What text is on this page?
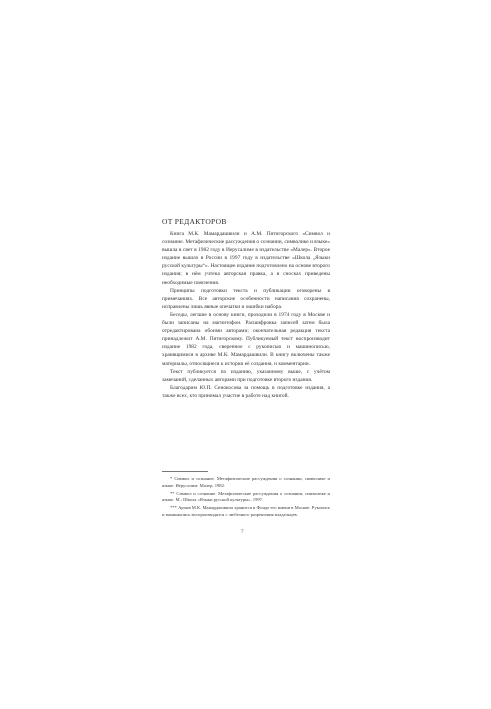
ОТ РЕДАКТОРОВ

Книга М.К. Мамардашвили и А.М. Пятигорского «Символ и сознание. Метафизические рассуждения о сознании, символике и языке» вышла в свет в 1982 году в Иерусалиме в издательстве «Малер». Второе издание вышло в России в 1997 году в издательстве «Школа „Языки русской культуры“». Настоящее издание подготовлено на основе второго издания; в нём учтена авторская правка, а в сносках приведены необходимые пояснения.

Принципы подготовки текста и публикации оговорены в примечаниях. Все авторские особенности написания сохранены, исправлены лишь явные опечатки и ошибки набора.

Беседы, легшие в основу книги, проходили в 1974 году в Москве и были записаны на магнитофон. Расшифровка записей затем была отредактирована обоими авторами; окончательная редакция текста принадлежит А.М. Пятигорскому. Публикуемый текст воспроизводит издание 1982 года, сверенное с рукописью и машинописью, хранящимися в архиве М.К. Мамардашвили. В книгу включены также материалы, относящиеся к истории её создания, и комментарии.

Текст публикуется по изданию, указанному выше, с учётом замечаний, сделанных авторами при подготовке второго издания.

Благодарим Ю.П. Сенокосова за помощь в подготовке издания, а также всех, кто принимал участие в работе над книгой.

* Символ и сознание. Метафизические рассуждения о сознании, символике и языке. Иерусалим: Малер, 1982.

** Символ и сознание. Метафизические рассуждения о сознании, символике и языке. М.: Школа «Языки русской культуры», 1997.

*** Архив М.К. Мамардашвили хранится в Фонде его имени в Москве. Рукопись и машинопись воспроизводятся с любезного разрешения владельцев.

7
